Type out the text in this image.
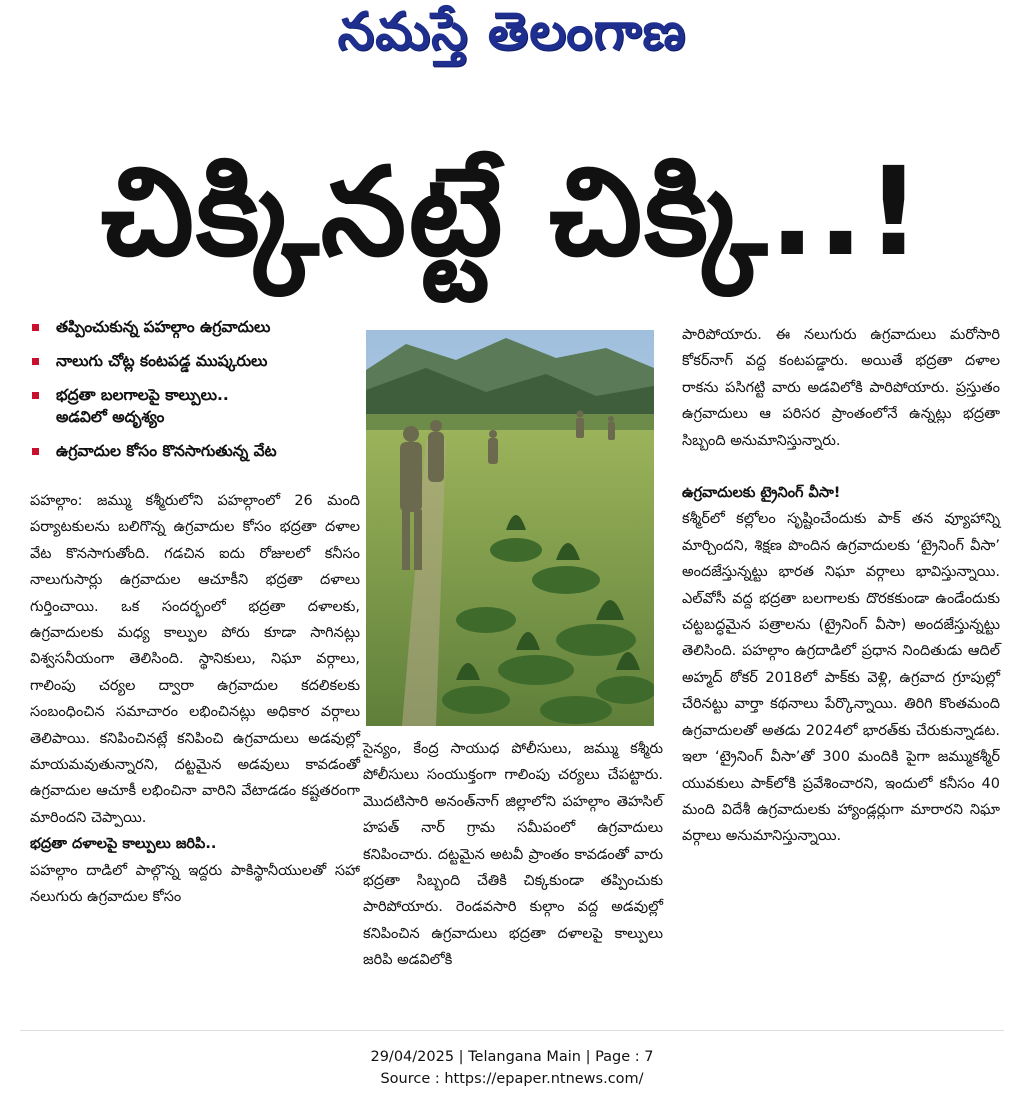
నమస్తే తెలంగాణ
చిక్కినట్టే చిక్కి..!
తప్పించుకున్న పహల్గాం ఉగ్రవాదులు
నాలుగు చోట్ల కంటపడ్డ ముష్కరులు
భద్రతా బలగాలపై కాల్పులు..
అడవిలో అదృశ్యం
ఉగ్రవాదుల కోసం కొనసాగుతున్న వేట

పహల్గాం: జమ్ము కశ్మీరులోని పహల్గాంలో 26 మంది పర్యాటకులను బలిగొన్న ఉగ్రవాదుల కోసం భద్రతా దళాల వేట కొనసాగుతోంది. గడచిన ఐదు రోజులలో కనీసం నాలుగుసార్లు ఉగ్రవాదుల ఆచూకీని భద్రతా దళాలు గుర్తించాయి. ఒక సందర్భంలో భద్రతా దళాలకు, ఉగ్రవాదులకు మధ్య కాల్పుల పోరు కూడా సాగినట్లు విశ్వసనీయంగా తెలిసింది. స్థానికులు, నిఘా వర్గాలు, గాలింపు చర్యల ద్వారా ఉగ్రవాదుల కదలికలకు సంబంధించిన సమాచారం లభించినట్లు అధికార వర్గాలు తెలిపాయి. కనిపించినట్లే కనిపించి ఉగ్రవాదులు అడవుల్లో మాయమవుతున్నారని, దట్టమైన అడవులు కావడంతో ఉగ్రవాదుల ఆచూకీ లభించినా వారిని వేటాడడం కష్టతరంగా మారిందని చెప్పాయి.

భద్రతా దళాలపై కాల్పులు జరిపి..

పహల్గాం దాడిలో పాల్గొన్న ఇద్దరు పాకిస్థానీయులతో సహా నలుగురు ఉగ్రవాదుల కోసం

సైన్యం, కేంద్ర సాయుధ పోలీసులు, జమ్ము కశ్మీరు పోలీసులు సంయుక్తంగా గాలింపు చర్యలు చేపట్టారు. మొదటిసారి అనంత్‌నాగ్ జిల్లాలోని పహల్గాం తెహసిల్ హపత్ నార్ గ్రామ సమీపంలో ఉగ్రవాదులు కనిపించారు. దట్టమైన అటవీ ప్రాంతం కావడంతో వారు భద్రతా సిబ్బంది చేతికి చిక్కకుండా తప్పించుకు పారిపోయారు. రెండవసారి కుల్గాం వద్ద అడవుల్లో కనిపించిన ఉగ్రవాదులు భద్రతా దళాలపై కాల్పులు జరిపి అడవిలోకి

పారిపోయారు. ఈ నలుగురు ఉగ్రవాదులు మరోసారి కోకర్‌నాగ్ వద్ద కంటపడ్డారు. అయితే భద్రతా దళాల రాకను పసిగట్టి వారు అడవిలోకి పారిపోయారు. ప్రస్తుతం ఉగ్రవాదులు ఆ పరిసర ప్రాంతంలోనే ఉన్నట్లు భద్రతా సిబ్బంది అనుమానిస్తున్నారు.

ఉగ్రవాదులకు ట్రైనింగ్ వీసా!

కశ్మీర్‌లో కల్లోలం సృష్టించేందుకు పాక్ తన వ్యూహాన్ని మార్చిందని, శిక్షణ పొందిన ఉగ్రవాదులకు ‘ట్రైనింగ్ వీసా’ అందజేస్తున్నట్టు భారత నిఘా వర్గాలు భావిస్తున్నాయి. ఎల్‌వోసీ వద్ద భద్రతా బలగాలకు దొరకకుండా ఉండేందుకు చట్టబద్ధమైన పత్రాలను (ట్రైనింగ్ వీసా) అందజేస్తున్నట్టు తెలిసింది. పహల్గాం ఉగ్రదాడిలో ప్రధాన నిందితుడు ఆదిల్ అహ్మద్ ఠోకర్ 2018లో పాక్‌కు వెళ్లి, ఉగ్రవాద గ్రూపుల్లో చేరినట్టు వార్తా కథనాలు పేర్కొన్నాయి. తిరిగి కొంతమంది ఉగ్రవాదులతో అతడు 2024లో భారత్‌కు చేరుకున్నాడట. ఇలా ‘ట్రైనింగ్ వీసా’తో 300 మందికి పైగా జమ్ముకశ్మీర్ యువకులు పాక్‌లోకి ప్రవేశించారని, ఇందులో కనీసం 40 మంది విదేశీ ఉగ్రవాదులకు హ్యాండ్లర్లుగా మారారని నిఘా వర్గాలు అనుమానిస్తున్నాయి.

29/04/2025 | Telangana Main | Page : 7
Source : https://epaper.ntnews.com/
